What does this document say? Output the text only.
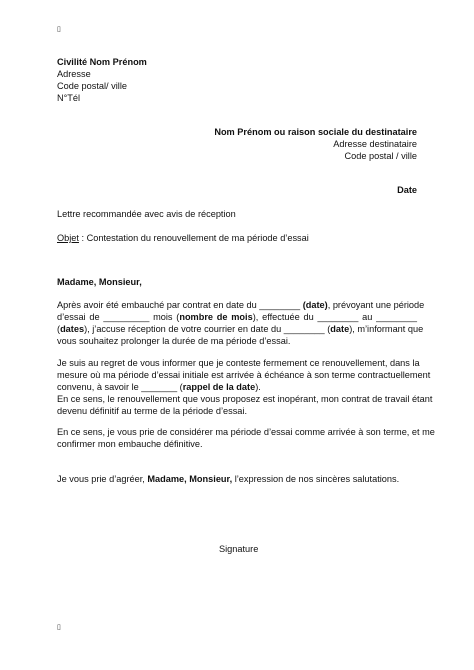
▯
Civilité Nom Prénom
Adresse
Code postal/ ville
N°Tél
Nom Prénom ou raison sociale du destinataire
Adresse destinataire
Code postal / ville
Date
Lettre recommandée avec avis de réception
Objet : Contestation du renouvellement de ma période d’essai
Madame, Monsieur,
Après avoir été embauché par contrat en date du ________ (date), prévoyant une période
d’essai de _________ mois (nombre de mois), effectuée du ________ au ________
(dates), j’accuse réception de votre courrier en date du ________ (date), m’informant que
vous souhaitez prolonger la durée de ma période d’essai.
Je suis au regret de vous informer que je conteste fermement ce renouvellement, dans la
mesure où ma période d’essai initiale est arrivée à échéance à son terme contractuellement
convenu, à savoir le _______ (rappel de la date).
En ce sens, le renouvellement que vous proposez est inopérant, mon contrat de travail étant
devenu définitif au terme de la période d’essai.
En ce sens, je vous prie de considérer ma période d’essai comme arrivée à son terme, et me
confirmer mon embauche définitive.
Je vous prie d’agréer, Madame, Monsieur, l’expression de nos sincères salutations.
Signature
▯
